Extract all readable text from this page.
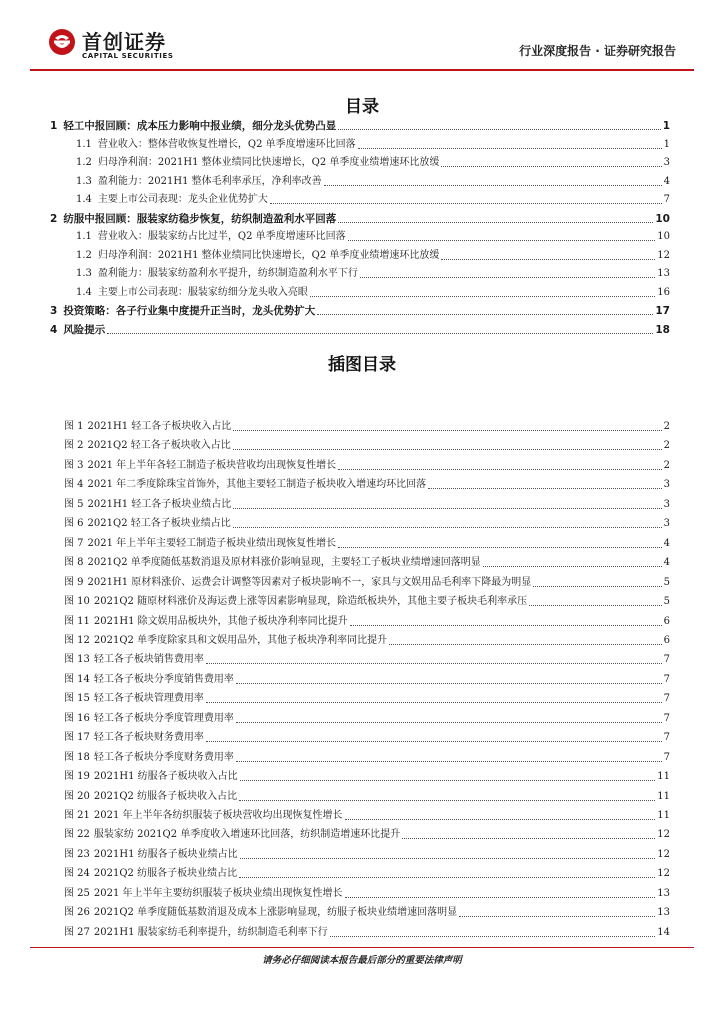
首创证券
CAPITAL SECURITIES	行业深度报告 · 证券研究报告
目录
1 轻工中报回顾：成本压力影响中报业绩，细分龙头优势凸显	1
1.1 营业收入：整体营收恢复性增长，Q2 单季度增速环比回落	1
1.2 归母净利润：2021H1 整体业绩同比快速增长，Q2 单季度业绩增速环比放缓	3
1.3 盈利能力：2021H1 整体毛利率承压，净利率改善	4
1.4 主要上市公司表现：龙头企业优势扩大	7
2 纺服中报回顾：服装家纺稳步恢复，纺织制造盈利水平回落	10
1.1 营业收入：服装家纺占比过半，Q2 单季度增速环比回落	10
1.2 归母净利润：2021H1 整体业绩同比快速增长，Q2 单季度业绩增速环比放缓	12
1.3 盈利能力：服装家纺盈利水平提升，纺织制造盈利水平下行	13
1.4 主要上市公司表现：服装家纺细分龙头收入亮眼	16
3 投资策略：各子行业集中度提升正当时，龙头优势扩大	17
4 风险提示	18
插图目录
图 1 2021H1 轻工各子板块收入占比	2
图 2 2021Q2 轻工各子板块收入占比	2
图 3 2021 年上半年各轻工制造子板块营收均出现恢复性增长	2
图 4 2021 年二季度除珠宝首饰外，其他主要轻工制造子板块收入增速均环比回落	3
图 5 2021H1 轻工各子板块业绩占比	3
图 6 2021Q2 轻工各子板块业绩占比	3
图 7 2021 年上半年主要轻工制造子板块业绩出现恢复性增长	4
图 8 2021Q2 单季度随低基数消退及原材料涨价影响显现，主要轻工子板块业绩增速回落明显	4
图 9 2021H1 原材料涨价、运费会计调整等因素对子板块影响不一，家具与文娱用品毛利率下降最为明显	5
图 10 2021Q2 随原材料涨价及海运费上涨等因素影响显现，除造纸板块外，其他主要子板块毛利率承压	5
图 11 2021H1 除文娱用品板块外，其他子板块净利率同比提升	6
图 12 2021Q2 单季度除家具和文娱用品外，其他子板块净利率同比提升	6
图 13 轻工各子板块销售费用率	7
图 14 轻工各子板块分季度销售费用率	7
图 15 轻工各子板块管理费用率	7
图 16 轻工各子板块分季度管理费用率	7
图 17 轻工各子板块财务费用率	7
图 18 轻工各子板块分季度财务费用率	7
图 19 2021H1 纺服各子板块收入占比	11
图 20 2021Q2 纺服各子板块收入占比	11
图 21 2021 年上半年各纺织服装子板块营收均出现恢复性增长	11
图 22 服装家纺 2021Q2 单季度收入增速环比回落，纺织制造增速环比提升	12
图 23 2021H1 纺服各子板块业绩占比	12
图 24 2021Q2 纺服各子板块业绩占比	12
图 25 2021 年上半年主要纺织服装子板块业绩出现恢复性增长	13
图 26 2021Q2 单季度随低基数消退及成本上涨影响显现，纺服子板块业绩增速回落明显	13
图 27 2021H1 服装家纺毛利率提升，纺织制造毛利率下行	14
请务必仔细阅读本报告最后部分的重要法律声明
